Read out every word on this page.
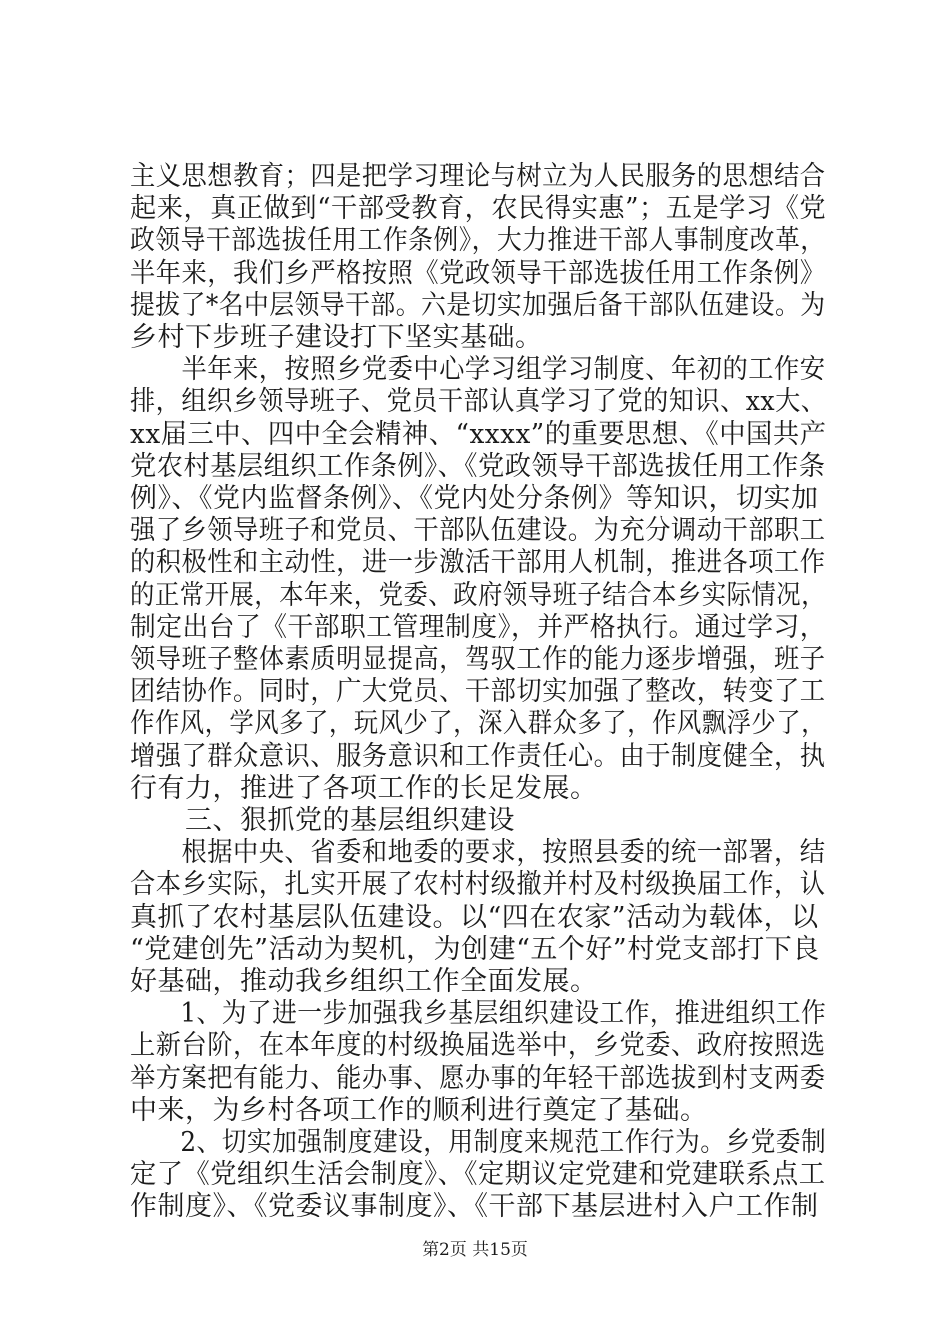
主义思想教育；四是把学习理论与树立为人民服务的思想结合
起来，真正做到“干部受教育，农民得实惠”；五是学习《党
政领导干部选拔任用工作条例》，大力推进干部人事制度改革，
半年来，我们乡严格按照《党政领导干部选拔任用工作条例》
提拔了*名中层领导干部。六是切实加强后备干部队伍建设。为
乡村下步班子建设打下坚实基础。
　　半年来，按照乡党委中心学习组学习制度、年初的工作安
排，组织乡领导班子、党员干部认真学习了党的知识、xx大、
xx届三中、四中全会精神、“xxxx”的重要思想、《中国共产
党农村基层组织工作条例》、《党政领导干部选拔任用工作条
例》、《党内监督条例》、《党内处分条例》等知识，切实加
强了乡领导班子和党员、干部队伍建设。为充分调动干部职工
的积极性和主动性，进一步激活干部用人机制，推进各项工作
的正常开展，本年来，党委、政府领导班子结合本乡实际情况，
制定出台了《干部职工管理制度》，并严格执行。通过学习，
领导班子整体素质明显提高，驾驭工作的能力逐步增强，班子
团结协作。同时，广大党员、干部切实加强了整改，转变了工
作作风，学风多了，玩风少了，深入群众多了，作风飘浮少了，
增强了群众意识、服务意识和工作责任心。由于制度健全，执
行有力，推进了各项工作的长足发展。
　　三、狠抓党的基层组织建设
　　根据中央、省委和地委的要求，按照县委的统一部署，结
合本乡实际，扎实开展了农村村级撤并村及村级换届工作，认
真抓了农村基层队伍建设。以“四在农家”活动为载体，以
“党建创先”活动为契机，为创建“五个好”村党支部打下良
好基础，推动我乡组织工作全面发展。
　　1、为了进一步加强我乡基层组织建设工作，推进组织工作
上新台阶，在本年度的村级换届选举中，乡党委、政府按照选
举方案把有能力、能办事、愿办事的年轻干部选拔到村支两委
中来，为乡村各项工作的顺利进行奠定了基础。
　　2、切实加强制度建设，用制度来规范工作行为。乡党委制
定了《党组织生活会制度》、《定期议定党建和党建联系点工
作制度》、《党委议事制度》、《干部下基层进村入户工作制
第2页 共15页
